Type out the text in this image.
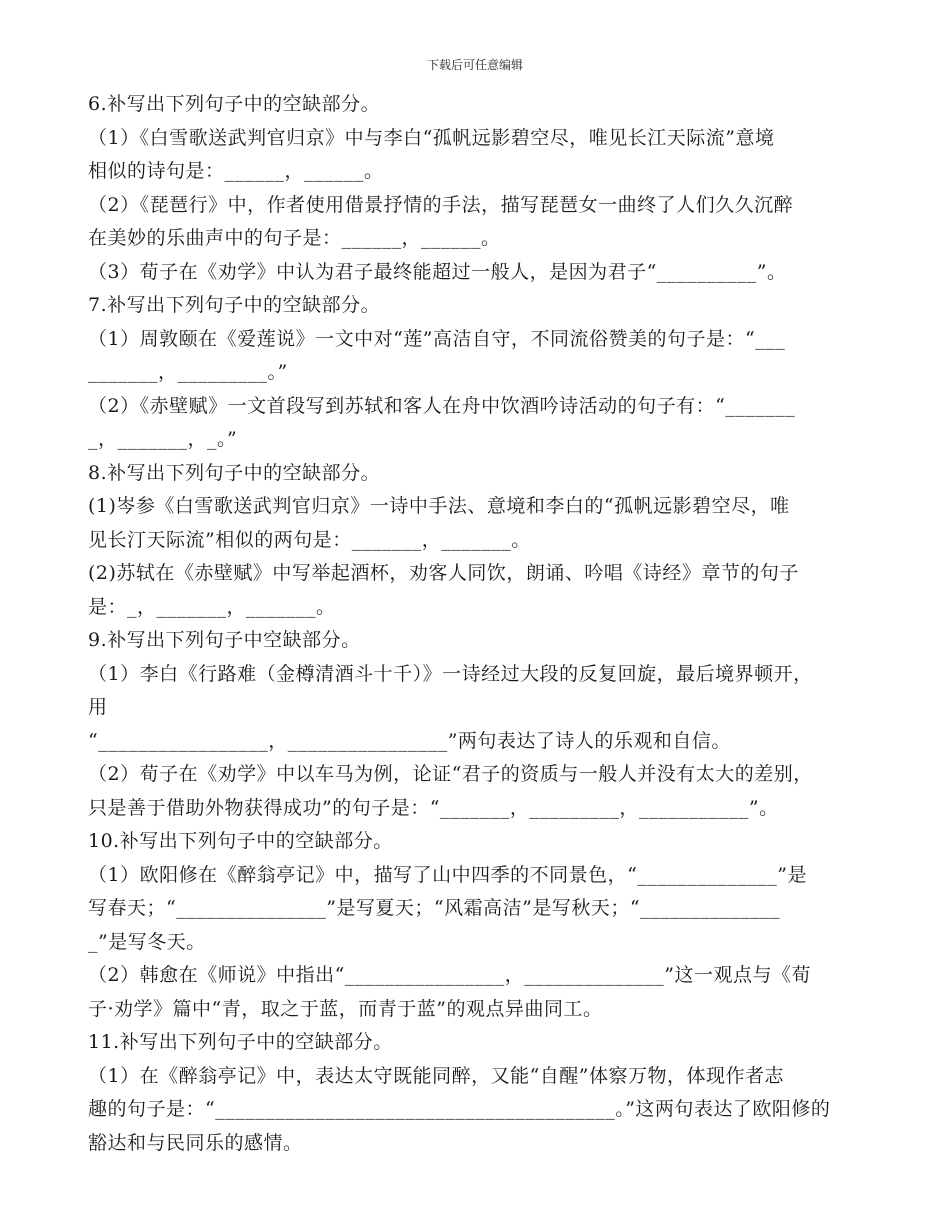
下载后可任意编辑
6.补写出下列句子中的空缺部分。
（1）《白雪歌送武判官归京》中与李白“孤帆远影碧空尽，唯见长江天际流”意境
相似的诗句是：______，______。
（2）《琵琶行》中，作者使用借景抒情的手法，描写琵琶女一曲终了人们久久沉醉
在美妙的乐曲声中的句子是：______，______。
（3）荀子在《劝学》中认为君子最终能超过一般人，是因为君子“__________”。
7.补写出下列句子中的空缺部分。
（1）周敦颐在《爱莲说》一文中对“莲”高洁自守，不同流俗赞美的句子是：“___
_______，_________。”
（2）《赤壁赋》一文首段写到苏轼和客人在舟中饮酒吟诗活动的句子有：“_______
_，_______，_。”
8.补写出下列句子中的空缺部分。
(1)岑参《白雪歌送武判官归京》一诗中手法、意境和李白的“孤帆远影碧空尽，唯
见长汀天际流”相似的两句是：_______，_______。
(2)苏轼在《赤壁赋》中写举起酒杯，劝客人同饮，朗诵、吟唱《诗经》章节的句子
是：_，_______，_______。
9.补写出下列句子中空缺部分。
（1）李白《行路难（金樽清酒斗十千）》一诗经过大段的反复回旋，最后境界顿开，
用
“_________________，________________”两句表达了诗人的乐观和自信。
（2）荀子在《劝学》中以车马为例，论证“君子的资质与一般人并没有太大的差别，
只是善于借助外物获得成功”的句子是：“_______，_________，___________”。
10.补写出下列句子中的空缺部分。
（1）欧阳修在《醉翁亭记》中，描写了山中四季的不同景色，“______________”是
写春天；“_______________”是写夏天；“风霜高洁”是写秋天；“______________
_”是写冬天。
（2）韩愈在《师说》中指出“________________，______________”这一观点与《荀
子·劝学》篇中“青，取之于蓝，而青于蓝”的观点异曲同工。
11.补写出下列句子中的空缺部分。
（1）在《醉翁亭记》中，表达太守既能同醉，又能“自醒”体察万物，体现作者志
趣的句子是：“________________________________________。”这两句表达了欧阳修的
豁达和与民同乐的感情。
